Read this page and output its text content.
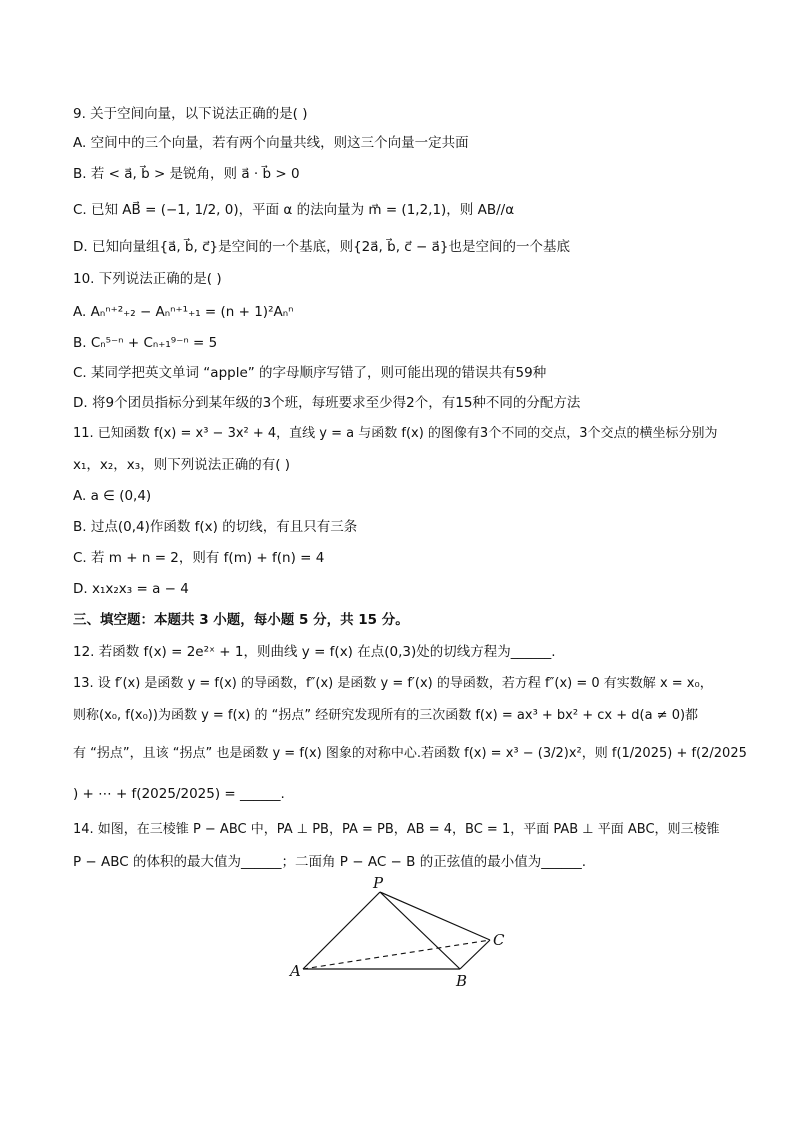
9. 关于空间向量，以下说法正确的是( )
A. 空间中的三个向量，若有两个向量共线，则这三个向量一定共面
B. 若 < a⃗, b⃗ > 是锐角，则 a⃗ · b⃗ > 0
C. 已知 AB⃗ = (−1, 1/2, 0)，平面 α 的法向量为 m⃗ = (1,2,1)，则 AB//α
D. 已知向量组{a⃗, b⃗, c⃗}是空间的一个基底，则{2a⃗, b⃗, c⃗ − a⃗}也是空间的一个基底
10. 下列说法正确的是( )
A. Aₙⁿ⁺²₊₂ − Aₙⁿ⁺¹₊₁ = (n + 1)²Aₙⁿ
B. Cₙ⁵⁻ⁿ + Cₙ₊₁⁹⁻ⁿ = 5
C. 某同学把英文单词 “apple” 的字母顺序写错了，则可能出现的错误共有59种
D. 将9个团员指标分到某年级的3个班，每班要求至少得2个，有15种不同的分配方法
11. 已知函数 f(x) = x³ − 3x² + 4，直线 y = a 与函数 f(x) 的图像有3个不同的交点，3个交点的横坐标分别为
x₁，x₂，x₃，则下列说法正确的有( )
A. a ∈ (0,4)
B. 过点(0,4)作函数 f(x) 的切线，有且只有三条
C. 若 m + n = 2，则有 f(m) + f(n) = 4
D. x₁x₂x₃ = a − 4
三、填空题：本题共 3 小题，每小题 5 分，共 15 分。
12. 若函数 f(x) = 2e²ˣ + 1，则曲线 y = f(x) 在点(0,3)处的切线方程为______.
13. 设 f′(x) 是函数 y = f(x) 的导函数，f″(x) 是函数 y = f′(x) 的导函数，若方程 f″(x) = 0 有实数解 x = x₀，
则称(x₀, f(x₀))为函数 y = f(x) 的 “拐点” 经研究发现所有的三次函数 f(x) = ax³ + bx² + cx + d(a ≠ 0)都
有 “拐点”，且该 “拐点” 也是函数 y = f(x) 图象的对称中心.若函数 f(x) = x³ − (3/2)x²，则 f(1/2025) + f(2/2025
) + ⋯ + f(2025/2025) = ______.
14. 如图，在三棱锥 P − ABC 中，PA ⊥ PB，PA = PB，AB = 4，BC = 1，平面 PAB ⊥ 平面 ABC，则三棱锥
P − ABC 的体积的最大值为______；二面角 P − AC − B 的正弦值的最小值为______.
P
A
B
C
